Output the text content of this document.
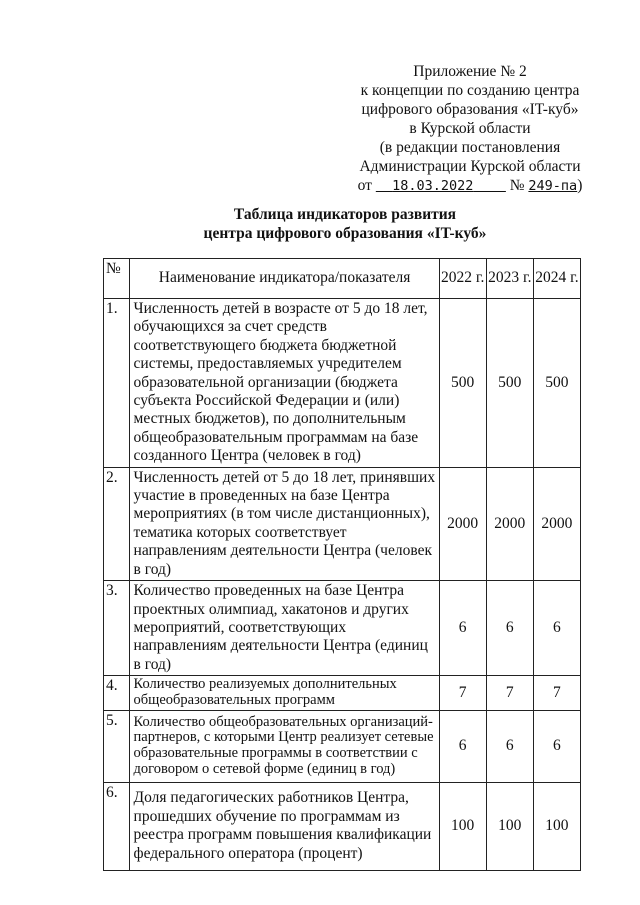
Приложение № 2
к концепции по созданию центра
цифрового образования «IT-куб»
в Курской области
(в редакции постановления
Администрации Курской области
от 18.03.2022 № 249-па)
Таблица индикаторов развития
центра цифрового образования «IT-куб»
№	Наименование индикатора/показателя	2022 г.	2023 г.	2024 г.
1.	Численность детей в возрасте от 5 до 18 лет, обучающихся за счет средств соответствующего бюджета бюджетной системы, предоставляемых учредителем образовательной организации (бюджета субъекта Российской Федерации и (или) местных бюджетов), по дополнительным общеобразовательным программам на базе созданного Центра (человек в год)	500	500	500
2.	Численность детей от 5 до 18 лет, принявших участие в проведенных на базе Центра мероприятиях (в том числе дистанционных), тематика которых соответствует направлениям деятельности Центра (человек в год)	2000	2000	2000
3.	Количество проведенных на базе Центра проектных олимпиад, хакатонов и других мероприятий, соответствующих направлениям деятельности Центра (единиц в год)	6	6	6
4.	Количество реализуемых дополнительных общеобразовательных программ	7	7	7
5.	Количество общеобразовательных организаций-партнеров, с которыми Центр реализует сетевые образовательные программы в соответствии с договором о сетевой форме (единиц в год)	6	6	6
6.	Доля педагогических работников Центра, прошедших обучение по программам из реестра программ повышения квалификации федерального оператора (процент)	100	100	100
